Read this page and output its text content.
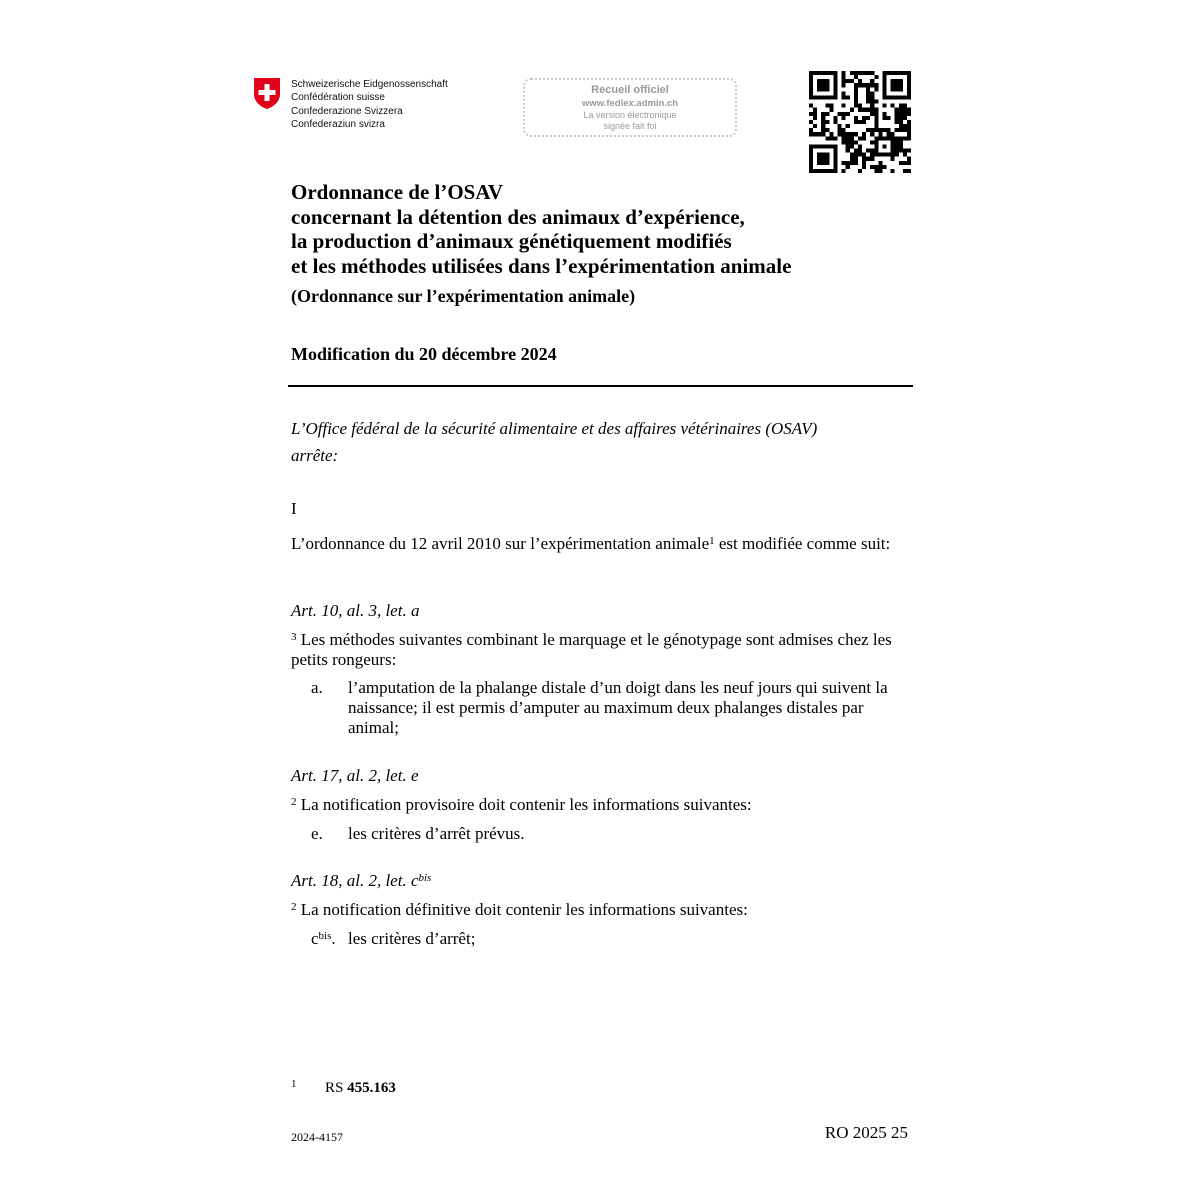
Schweizerische Eidgenossenschaft
Confédération suisse
Confederazione Svizzera
Confederaziun svizra
Recueil officiel
www.fedlex.admin.ch
La version électronique
signée fait foi
Ordonnance de l’OSAV
concernant la détention des animaux d’expérience,
la production d’animaux génétiquement modifiés
et les méthodes utilisées dans l’expérimentation animale
(Ordonnance sur l’expérimentation animale)
Modification du 20 décembre 2024
L’Office fédéral de la sécurité alimentaire et des affaires vétérinaires (OSAV)
arrête:
I
L’ordonnance du 12 avril 2010 sur l’expérimentation animale$^1$ est modifiée comme suit:
Art. 10, al. 3, let. a
$^3$ Les méthodes suivantes combinant le marquage et le génotypage sont admises chez les petits rongeurs:
a. l’amputation de la phalange distale d’un doigt dans les neuf jours qui suivent la naissance; il est permis d’amputer au maximum deux phalanges distales par animal;
Art. 17, al. 2, let. e
$^2$ La notification provisoire doit contenir les informations suivantes:
e. les critères d’arrêt prévus.
Art. 18, al. 2, let. $c^{bis}$
$^2$ La notification définitive doit contenir les informations suivantes:
$c^{bis}$. les critères d’arrêt;
1 RS 455.163
2024-4157	RO 2025 25
